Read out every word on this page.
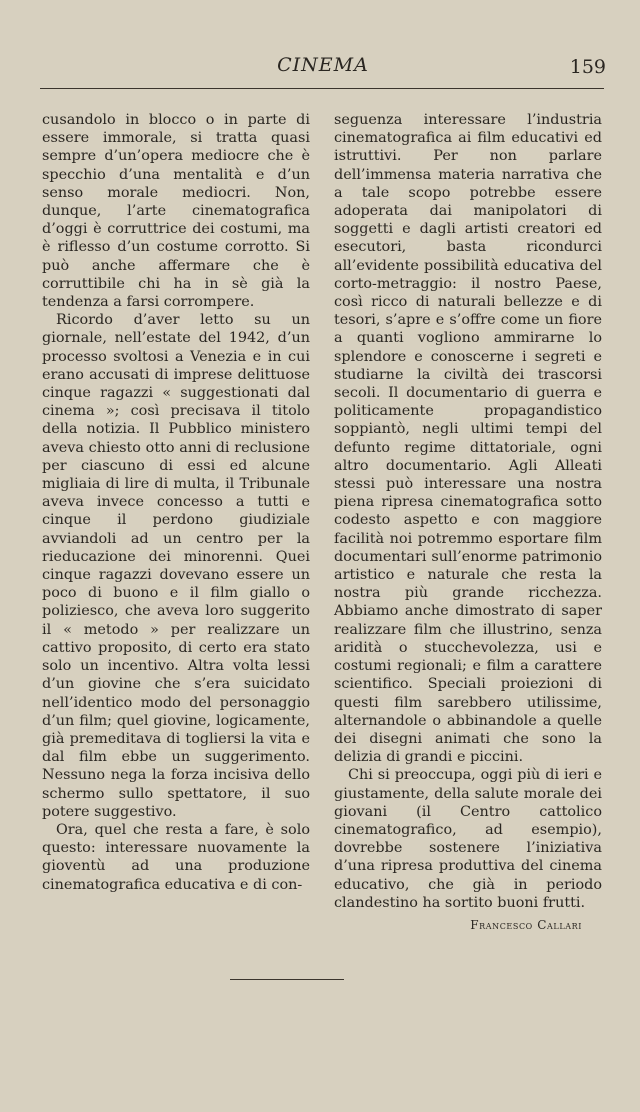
CINEMA	159

cusandolo in blocco o in parte di essere immorale, si tratta quasi sempre d’un’opera mediocre che è specchio d’una mentalità e d’un senso morale mediocri. Non, dunque, l’arte cinematografica d’oggi è corruttrice dei costumi, ma è riflesso d’un costume corrotto. Si può anche affermare che è corruttibile chi ha in sè già la tendenza a farsi corrompere.

Ricordo d’aver letto su un giornale, nell’estate del 1942, d’un processo svoltosi a Venezia e in cui erano accusati di imprese delittuose cinque ragazzi « suggestionati dal cinema »; così precisava il titolo della notizia. Il Pubblico ministero aveva chiesto otto anni di reclusione per ciascuno di essi ed alcune migliaia di lire di multa, il Tribunale aveva invece concesso a tutti e cinque il perdono giudiziale avviandoli ad un centro per la rieducazione dei minorenni. Quei cinque ragazzi dovevano essere un poco di buono e il film giallo o poliziesco, che aveva loro suggerito il « metodo » per realizzare un cattivo proposito, di certo era stato solo un incentivo. Altra volta lessi d’un giovine che s’era suicidato nell’identico modo del personaggio d’un film; quel giovine, logicamente, già premeditava di togliersi la vita e dal film ebbe un suggerimento. Nessuno nega la forza incisiva dello schermo sullo spettatore, il suo potere suggestivo.

Ora, quel che resta a fare, è solo questo: interessare nuovamente la gioventù ad una produzione cinematografica educativa e di con-

seguenza interessare l’industria cinematografica ai film educativi ed istruttivi. Per non parlare dell’immensa materia narrativa che a tale scopo potrebbe essere adoperata dai manipolatori di soggetti e dagli artisti creatori ed esecutori, basta ricondurci all’evidente possibilità educativa del corto-metraggio: il nostro Paese, così ricco di naturali bellezze e di tesori, s’apre e s’offre come un fiore a quanti vogliono ammirarne lo splendore e conoscerne i segreti e studiarne la civiltà dei trascorsi secoli. Il documentario di guerra e politicamente propagandistico soppiantò, negli ultimi tempi del defunto regime dittatoriale, ogni altro documentario. Agli Alleati stessi può interessare una nostra piena ripresa cinematografica sotto codesto aspetto e con maggiore facilità noi potremmo esportare film documentari sull’enorme patrimonio artistico e naturale che resta la nostra più grande ricchezza. Abbiamo anche dimostrato di saper realizzare film che illustrino, senza aridità o stucchevolezza, usi e costumi regionali; e film a carattere scientifico. Speciali proiezioni di questi film sarebbero utilissime, alternandole o abbinandole a quelle dei disegni animati che sono la delizia di grandi e piccini.

Chi si preoccupa, oggi più di ieri e giustamente, della salute morale dei giovani (il Centro cattolico cinematografico, ad esempio), dovrebbe sostenere l’iniziativa d’una ripresa produttiva del cinema educativo, che già in periodo clandestino ha sortito buoni frutti.

Francesco Callari
